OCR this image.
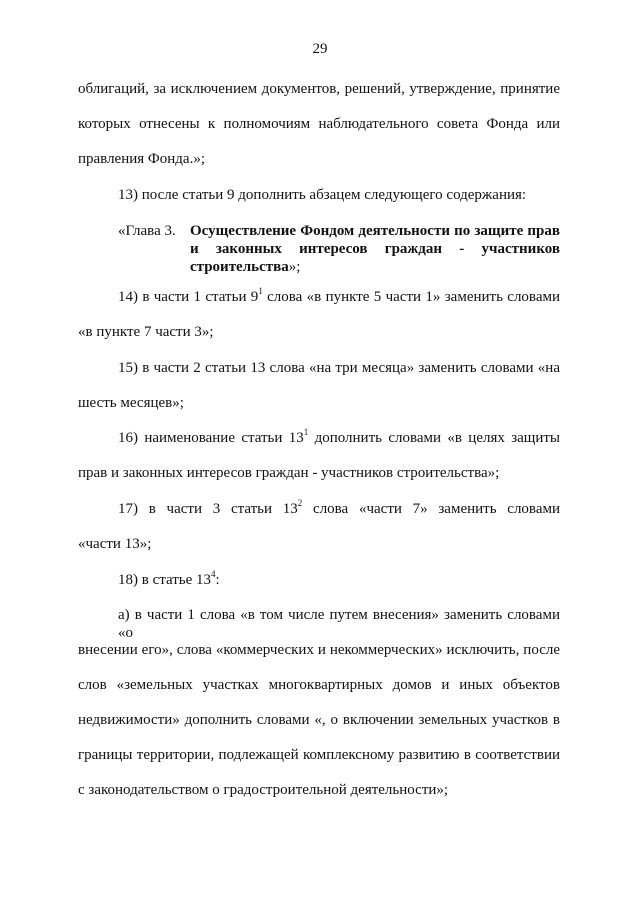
29
облигаций, за исключением документов, решений, утверждение, принятие
которых отнесены к полномочиям наблюдательного совета Фонда или
правления Фонда.»;
13) после статьи 9 дополнить абзацем следующего содержания:
«Глава 3. Осуществление Фондом деятельности по защите прав
и законных интересов граждан - участников
строительства»;
14) в части 1 статьи $9^1$ слова «в пункте 5 части 1» заменить словами
«в пункте 7 части 3»;
15) в части 2 статьи 13 слова «на три месяца» заменить словами «на
шесть месяцев»;
16) наименование статьи $13^1$ дополнить словами «в целях защиты
прав и законных интересов граждан - участников строительства»;
17) в части 3 статьи $13^2$ слова «части 7» заменить словами
«части 13»;
18) в статье $13^4$:
а) в части 1 слова «в том числе путем внесения» заменить словами «о
внесении его», слова «коммерческих и некоммерческих» исключить, после
слов «земельных участках многоквартирных домов и иных объектов
недвижимости» дополнить словами «, о включении земельных участков в
границы территории, подлежащей комплексному развитию в соответствии
с законодательством о градостроительной деятельности»;
